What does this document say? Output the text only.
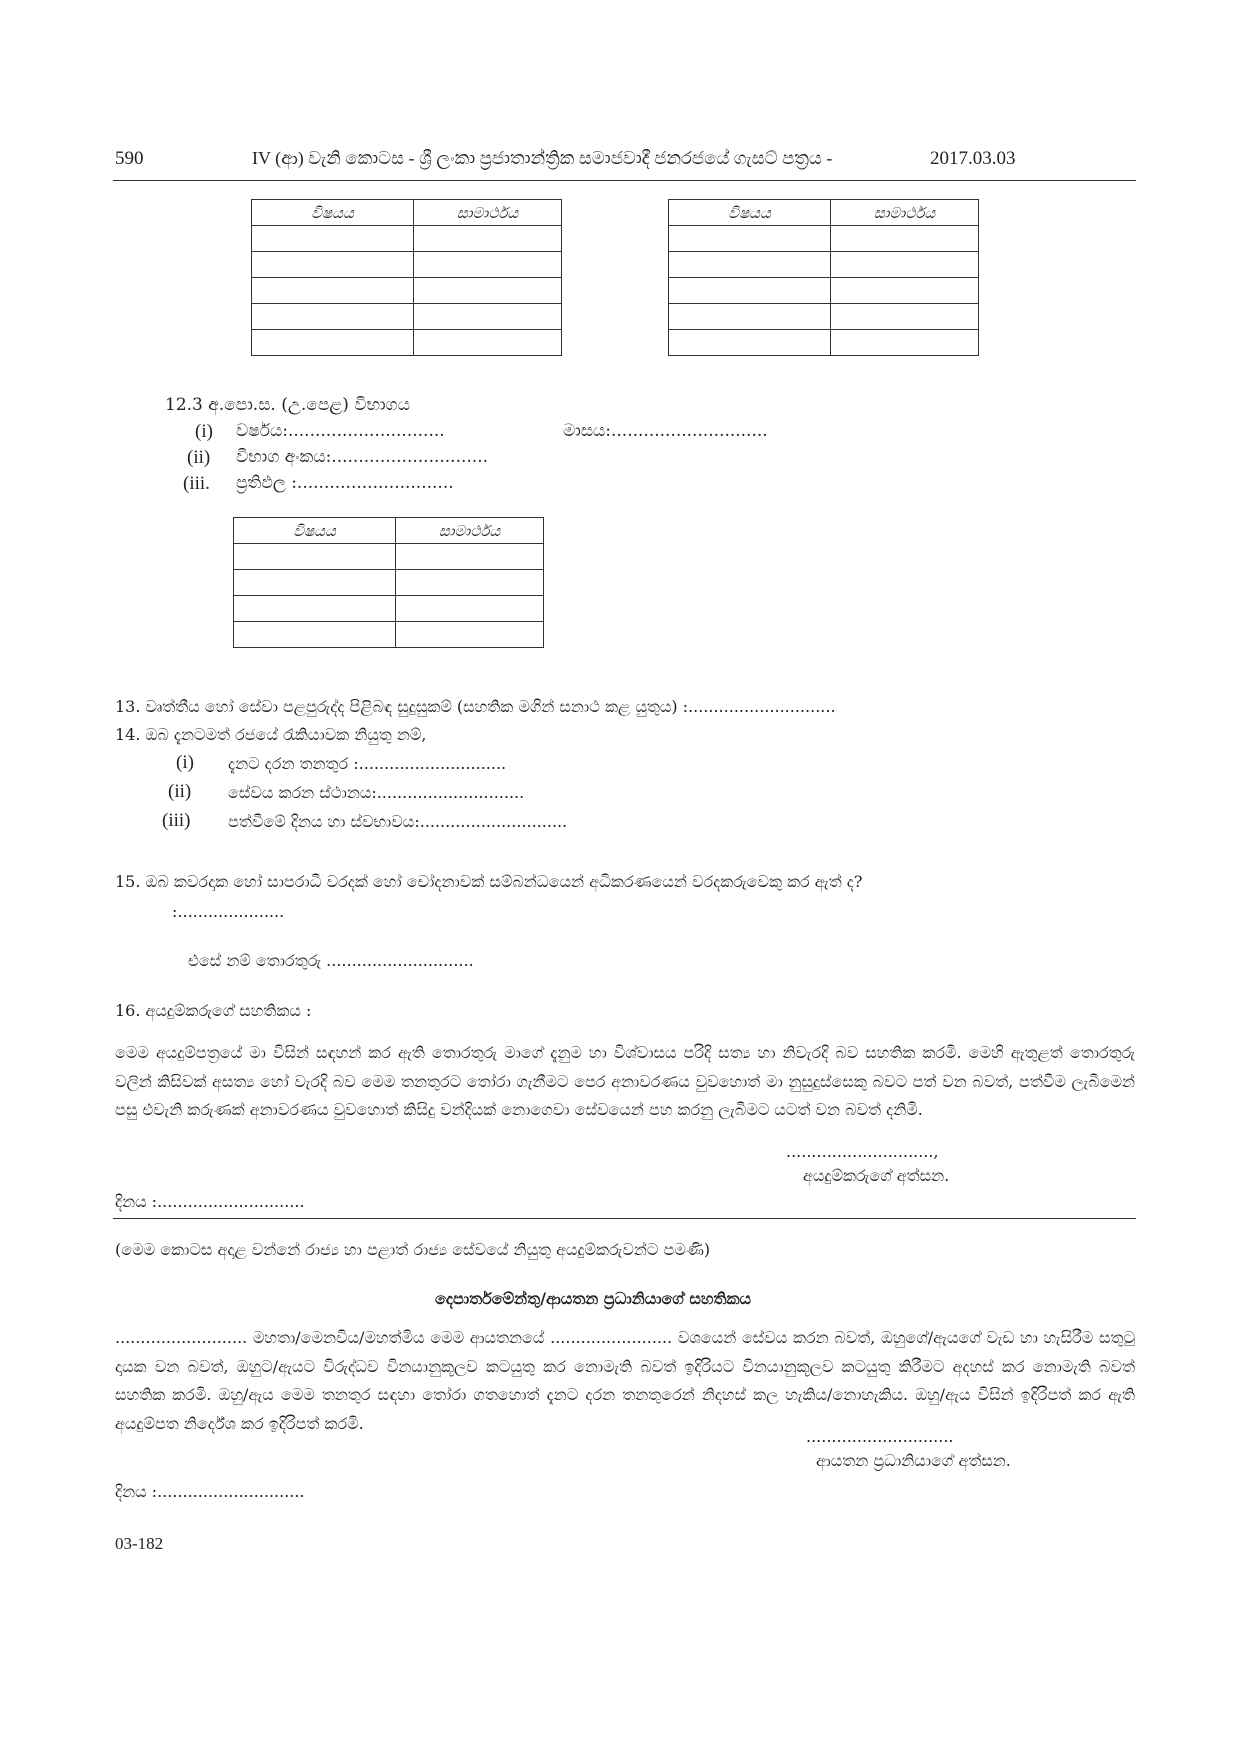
590	IV (ආ) වැනි කොටස - ශ්‍රී ලංකා ප්‍රජාතාන්ත්‍රික සමාජවාදී ජනරජයේ ගැසට් පත්‍රය -	2017.03.03
විෂයය	සාමාර්ථය

		විෂයය	සාමාර්ථය

12.3 අ.පො.ස. (උ.පෙළ) විභාගය
(i) වර්ෂය:.............................	මාසය:.............................
(ii) විභාග අංකය:.............................
(iii. ප්‍රතිඵල :.............................
විෂයය	සාමාර්ථය

13. වෘත්තීය හෝ සේවා පළපුරුද්ද පිළිබඳ සුදුසුකම් (සහතික මගින් සනාථ කළ යුතුය) :.............................
14. ඔබ දැනටමත් රජයේ රැකියාවක නියුතු නම්,
(i) දැනට දරන තනතුර :.............................
(ii) සේවය කරන ස්ථානය:.............................
(iii) පත්වීමේ දිනය හා ස්වභාවය:.............................
15. ඔබ කවරදාක හෝ සාපරාධී වරදක් හෝ චෝදනාවක් සම්බන්ධයෙන් අධිකරණයෙන් වරදකරුවෙකු කර ඇත් ද?
:.....................
එසේ නම් තොරතුරු .............................
16. අයදුම්කරුගේ සහතිකය :
මෙම අයදුම්පත්‍රයේ මා විසින් සඳහන් කර ඇති තොරතුරු මාගේ දැනුම හා විශ්වාසය පරිදි සත්‍ය හා නිවැරදි බව සහතික කරමි. මෙහි ඇතුළත් තොරතුරු වලින් කිසිවක් අසත්‍ය හෝ වැරදි බව මෙම තනතුරට තෝරා ගැනීමට පෙර අනාවරණය වුවහොත් මා නුසුදුස්සෙකු බවට පත් වන බවත්, පත්වීම ලැබීමෙන් පසු එවැනි කරුණක් අනාවරණය වුවහොත් කිසිදු වන්දියක් නොගෙවා සේවයෙන් පහ කරනු ලැබීමට යටත් වන බවත් දනිමි.
.............................,
අයදුම්කරුගේ අත්සන.
දිනය :.............................
(මෙම කොටස අදාළ වන්නේ රාජ්‍ය හා පළාත් රාජ්‍ය සේවයේ නියුතු අයදුම්කරුවන්ට පමණි)
දෙපාර්තමේන්තු/ආයතන ප්‍රධානියාගේ සහතිකය
.......................... මහතා/මෙනවිය/මහත්මිය මෙම ආයතනයේ ........................ වශයෙන් සේවය කරන බවත්, ඔහුගේ/ඇයගේ වැඩ හා හැසිරීම සතුටු දායක වන බවත්, ඔහුට/ඇයට විරුද්ධව විනයානුකූලව කටයුතු කර නොමැති බවත් ඉදිරියට විනයානුකූලව කටයුතු කිරීමට අදහස් කර නොමැති බවත් සහතික කරමි. ඔහු/ඇය මෙම තනතුර සඳහා තෝරා ගතහොත් දැනට දරන තනතුරෙන් නිදහස් කල හැකිය/නොහැකිය. ඔහු/ඇය විසින් ඉදිරිපත් කර ඇති අයදුම්පත නිර්දේශ කර ඉදිරිපත් කරමි.
.............................
ආයතන ප්‍රධානියාගේ අත්සන.
දිනය :.............................
03-182
